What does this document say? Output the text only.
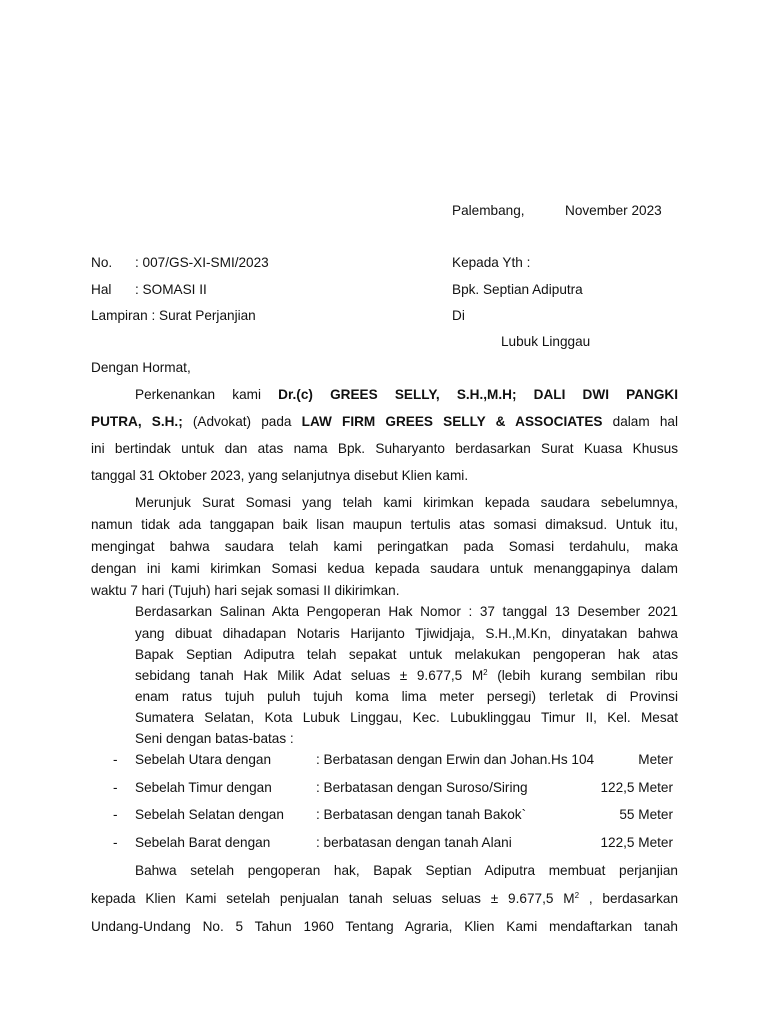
Palembang,	November 2023
No. : 007/GS-XI-SMI/2023
Hal : SOMASI II
Lampiran : Surat Perjanjian
Kepada Yth :
Bpk. Septian Adiputra
Di
Lubuk Linggau
Dengan Hormat,
Perkenankan kami Dr.(c) GREES SELLY, S.H.,M.H; DALI DWI PANGKI
PUTRA, S.H.; (Advokat) pada LAW FIRM GREES SELLY & ASSOCIATES dalam hal
ini bertindak untuk dan atas nama Bpk. Suharyanto berdasarkan Surat Kuasa Khusus
tanggal 31 Oktober 2023, yang selanjutnya disebut Klien kami.
Merunjuk Surat Somasi yang telah kami kirimkan kepada saudara sebelumnya,
namun tidak ada tanggapan baik lisan maupun tertulis atas somasi dimaksud. Untuk itu,
mengingat bahwa saudara telah kami peringatkan pada Somasi terdahulu, maka
dengan ini kami kirimkan Somasi kedua kepada saudara untuk menanggapinya dalam
waktu 7 hari (Tujuh) hari sejak somasi II dikirimkan.
Berdasarkan Salinan Akta Pengoperan Hak Nomor : 37 tanggal 13 Desember 2021
yang dibuat dihadapan Notaris Harijanto Tjiwidjaja, S.H.,M.Kn, dinyatakan bahwa
Bapak Septian Adiputra telah sepakat untuk melakukan pengoperan hak atas
sebidang tanah Hak Milik Adat seluas ± 9.677,5 $M^2$ (lebih kurang sembilan ribu
enam ratus tujuh puluh tujuh koma lima meter persegi) terletak di Provinsi
Sumatera Selatan, Kota Lubuk Linggau, Kec. Lubuklinggau Timur II, Kel. Mesat
Seni dengan batas-batas :
- Sebelah Utara dengan	: Berbatasan dengan Erwin dan Johan.Hs 104	Meter
- Sebelah Timur dengan	: Berbatasan dengan Suroso/Siring	122,5 Meter
- Sebelah Selatan dengan : Berbatasan dengan tanah Bakok`	55 Meter
- Sebelah Barat dengan	: berbatasan dengan tanah Alani	122,5 Meter
Bahwa setelah pengoperan hak, Bapak Septian Adiputra membuat perjanjian
kepada Klien Kami setelah penjualan tanah seluas seluas ± 9.677,5 $M^2$ , berdasarkan
Undang-Undang No. 5 Tahun 1960 Tentang Agraria, Klien Kami mendaftarkan tanah
